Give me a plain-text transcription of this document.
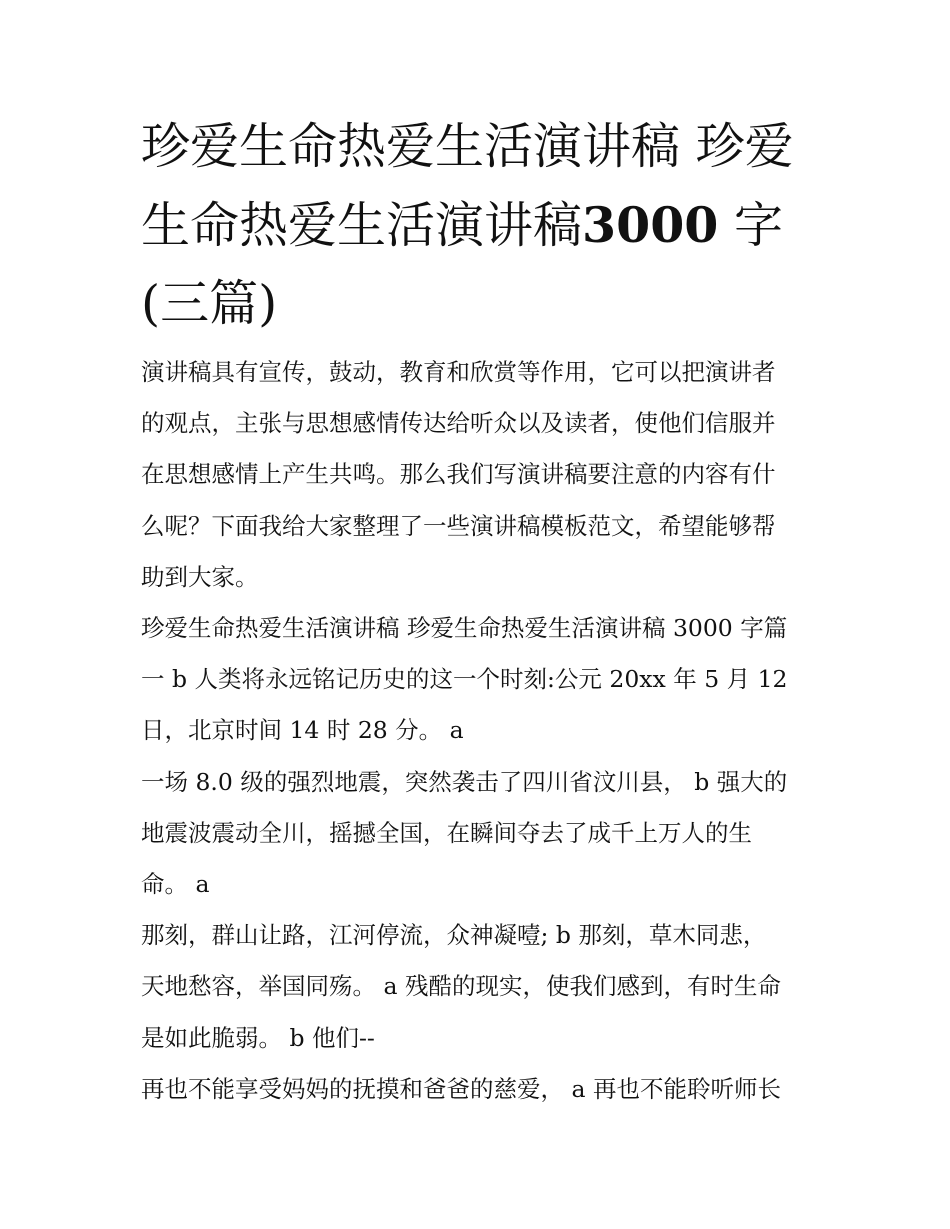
珍爱生命热爱生活演讲稿 珍爱
生命热爱生活演讲稿3000 字
(三篇)

演讲稿具有宣传，鼓动，教育和欣赏等作用，它可以把演讲者
的观点，主张与思想感情传达给听众以及读者，使他们信服并
在思想感情上产生共鸣。那么我们写演讲稿要注意的内容有什
么呢？下面我给大家整理了一些演讲稿模板范文，希望能够帮
助到大家。

珍爱生命热爱生活演讲稿 珍爱生命热爱生活演讲稿 3000 字篇
一 b 人类将永远铭记历史的这一个时刻:公元 20xx 年 5 月 12
日，北京时间 14 时 28 分。 a

一场 8.0 级的强烈地震，突然袭击了四川省汶川县， b 强大的
地震波震动全川，摇撼全国，在瞬间夺去了成千上万人的生
命。 a

那刻，群山让路，江河停流，众神凝噎; b 那刻，草木同悲，
天地愁容，举国同殇。 a 残酷的现实，使我们感到，有时生命
是如此脆弱。 b 他们--

再也不能享受妈妈的抚摸和爸爸的慈爱， a 再也不能聆听师长
